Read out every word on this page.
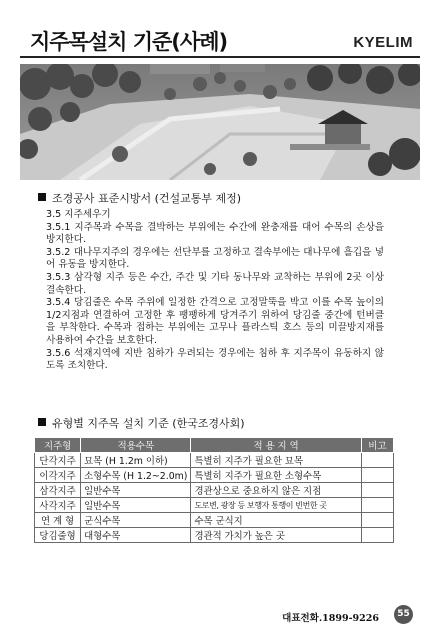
지주목설치 기준(사례)	KYELIM
조경공사 표준시방서 (건설교통부 제정)

3.5 지주세우기

3.5.1 지주목과 수목을 결박하는 부위에는 수간에 완충재를 대어 수목의 손상을 방지한다.

3.5.2 대나무지주의 경우에는 선단부를 고정하고 결속부에는 대나무에 흘깁을 넣어 유동을 방지한다.

3.5.3 삼각형 지주 등은 수간, 주간 및 기타 동나무와 교착하는 부위에 2곳 이상 결속한다.

3.5.4 당김줄은 수목 주위에 일정한 간격으로 고정말뚝을 박고 이를 수목 높이의 1/2지점과 연결하여 고정한 후 팽팽하게 당겨주기 위하여 당김줄 중간에 턴버클을 부착한다. 수목과 접하는 부위에는 고무나 플라스틱 호스 등의 미끌방지재를 사용하여 수간을 보호한다.

3.5.6 석재지역에 지반 침하가 우려되는 경우에는 침하 후 지주목이 유동하지 않도록 조치한다.

유형별 지주목 설치 기준 (한국조경사회)
지주형	적용수목	적 용 지 역	비고
단각지주	묘목 (H 1.2m 이하)	특별히 지주가 필요한 묘목	
이각지주	소형수목 (H 1.2~2.0m)	특별히 지주가 필요한 소형수목	
삼각지주	일반수목	경관상으로 중요하지 않은 지점	
사각지주	일반수목	도로변, 광장 등 보행자 통행이 빈번한 곳	
연 계 형	군식수목	수목 군식지	
당김줄형	대형수목	경관적 가치가 높은 곳	
대표전화.1899-9226	55
